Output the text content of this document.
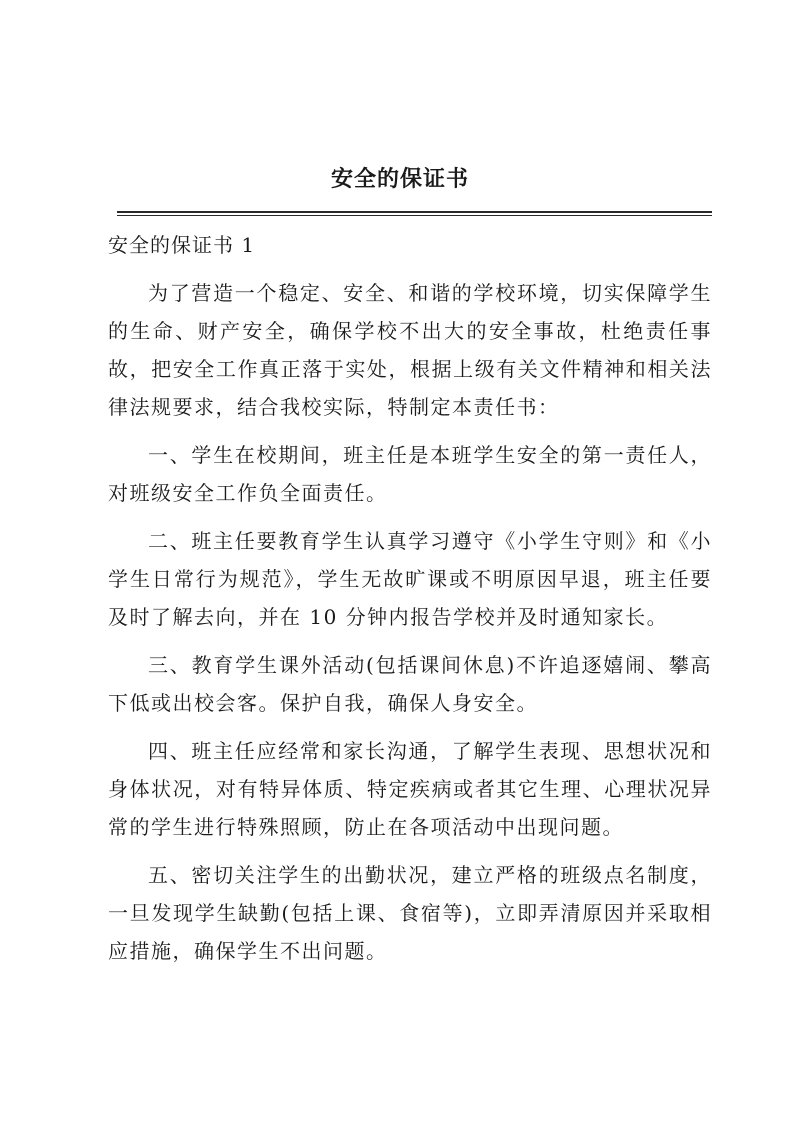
安全的保证书

安全的保证书 1

为了营造一个稳定、安全、和谐的学校环境，切实保障学生的生命、财产安全，确保学校不出大的安全事故，杜绝责任事故，把安全工作真正落于实处，根据上级有关文件精神和相关法律法规要求，结合我校实际，特制定本责任书：

一、学生在校期间，班主任是本班学生安全的第一责任人，对班级安全工作负全面责任。

二、班主任要教育学生认真学习遵守《小学生守则》和《小学生日常行为规范》，学生无故旷课或不明原因早退，班主任要及时了解去向，并在 10 分钟内报告学校并及时通知家长。

三、教育学生课外活动(包括课间休息)不许追逐嬉闹、攀高下低或出校会客。保护自我，确保人身安全。

四、班主任应经常和家长沟通，了解学生表现、思想状况和身体状况，对有特异体质、特定疾病或者其它生理、心理状况异常的学生进行特殊照顾，防止在各项活动中出现问题。

五、密切关注学生的出勤状况，建立严格的班级点名制度，一旦发现学生缺勤(包括上课、食宿等)，立即弄清原因并采取相应措施，确保学生不出问题。
